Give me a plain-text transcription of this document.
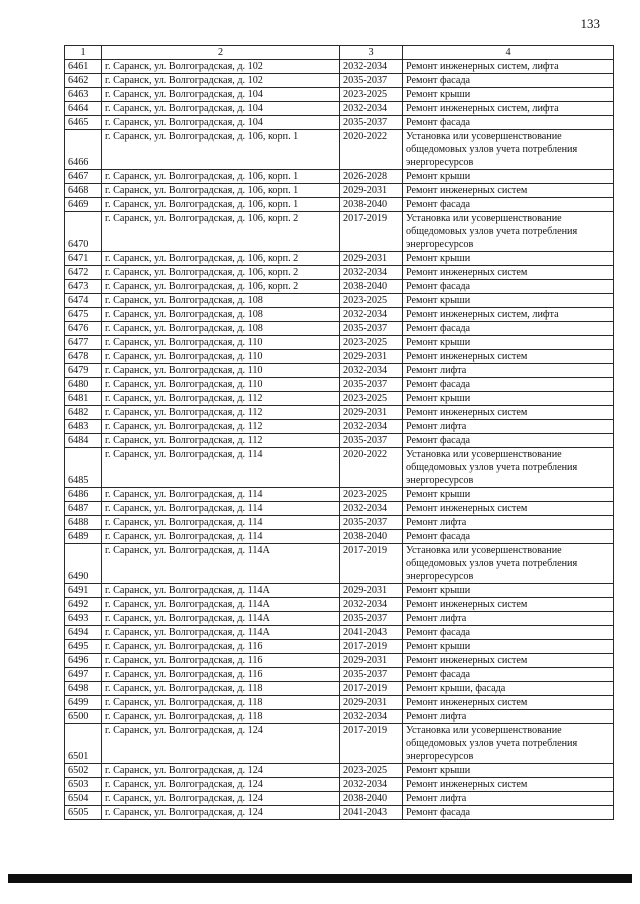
133
1	2	3	4
6461	г. Саранск, ул. Волгоградская, д. 102	2032-2034	Ремонт инженерных систем, лифта
6462	г. Саранск, ул. Волгоградская, д. 102	2035-2037	Ремонт фасада
6463	г. Саранск, ул. Волгоградская, д. 104	2023-2025	Ремонт крыши
6464	г. Саранск, ул. Волгоградская, д. 104	2032-2034	Ремонт инженерных систем, лифта
6465	г. Саранск, ул. Волгоградская, д. 104	2035-2037	Ремонт фасада
6466	г. Саранск, ул. Волгоградская, д. 106, корп. 1	2020-2022	Установка или усовершенствование общедомовых узлов учета потребления энергоресурсов
6467	г. Саранск, ул. Волгоградская, д. 106, корп. 1	2026-2028	Ремонт крыши
6468	г. Саранск, ул. Волгоградская, д. 106, корп. 1	2029-2031	Ремонт инженерных систем
6469	г. Саранск, ул. Волгоградская, д. 106, корп. 1	2038-2040	Ремонт фасада
6470	г. Саранск, ул. Волгоградская, д. 106, корп. 2	2017-2019	Установка или усовершенствование общедомовых узлов учета потребления энергоресурсов
6471	г. Саранск, ул. Волгоградская, д. 106, корп. 2	2029-2031	Ремонт крыши
6472	г. Саранск, ул. Волгоградская, д. 106, корп. 2	2032-2034	Ремонт инженерных систем
6473	г. Саранск, ул. Волгоградская, д. 106, корп. 2	2038-2040	Ремонт фасада
6474	г. Саранск, ул. Волгоградская, д. 108	2023-2025	Ремонт крыши
6475	г. Саранск, ул. Волгоградская, д. 108	2032-2034	Ремонт инженерных систем, лифта
6476	г. Саранск, ул. Волгоградская, д. 108	2035-2037	Ремонт фасада
6477	г. Саранск, ул. Волгоградская, д. 110	2023-2025	Ремонт крыши
6478	г. Саранск, ул. Волгоградская, д. 110	2029-2031	Ремонт инженерных систем
6479	г. Саранск, ул. Волгоградская, д. 110	2032-2034	Ремонт лифта
6480	г. Саранск, ул. Волгоградская, д. 110	2035-2037	Ремонт фасада
6481	г. Саранск, ул. Волгоградская, д. 112	2023-2025	Ремонт крыши
6482	г. Саранск, ул. Волгоградская, д. 112	2029-2031	Ремонт инженерных систем
6483	г. Саранск, ул. Волгоградская, д. 112	2032-2034	Ремонт лифта
6484	г. Саранск, ул. Волгоградская, д. 112	2035-2037	Ремонт фасада
6485	г. Саранск, ул. Волгоградская, д. 114	2020-2022	Установка или усовершенствование общедомовых узлов учета потребления энергоресурсов
6486	г. Саранск, ул. Волгоградская, д. 114	2023-2025	Ремонт крыши
6487	г. Саранск, ул. Волгоградская, д. 114	2032-2034	Ремонт инженерных систем
6488	г. Саранск, ул. Волгоградская, д. 114	2035-2037	Ремонт лифта
6489	г. Саранск, ул. Волгоградская, д. 114	2038-2040	Ремонт фасада
6490	г. Саранск, ул. Волгоградская, д. 114А	2017-2019	Установка или усовершенствование общедомовых узлов учета потребления энергоресурсов
6491	г. Саранск, ул. Волгоградская, д. 114А	2029-2031	Ремонт крыши
6492	г. Саранск, ул. Волгоградская, д. 114А	2032-2034	Ремонт инженерных систем
6493	г. Саранск, ул. Волгоградская, д. 114А	2035-2037	Ремонт лифта
6494	г. Саранск, ул. Волгоградская, д. 114А	2041-2043	Ремонт фасада
6495	г. Саранск, ул. Волгоградская, д. 116	2017-2019	Ремонт крыши
6496	г. Саранск, ул. Волгоградская, д. 116	2029-2031	Ремонт инженерных систем
6497	г. Саранск, ул. Волгоградская, д. 116	2035-2037	Ремонт фасада
6498	г. Саранск, ул. Волгоградская, д. 118	2017-2019	Ремонт крыши, фасада
6499	г. Саранск, ул. Волгоградская, д. 118	2029-2031	Ремонт инженерных систем
6500	г. Саранск, ул. Волгоградская, д. 118	2032-2034	Ремонт лифта
6501	г. Саранск, ул. Волгоградская, д. 124	2017-2019	Установка или усовершенствование общедомовых узлов учета потребления энергоресурсов
6502	г. Саранск, ул. Волгоградская, д. 124	2023-2025	Ремонт крыши
6503	г. Саранск, ул. Волгоградская, д. 124	2032-2034	Ремонт инженерных систем
6504	г. Саранск, ул. Волгоградская, д. 124	2038-2040	Ремонт лифта
6505	г. Саранск, ул. Волгоградская, д. 124	2041-2043	Ремонт фасада
